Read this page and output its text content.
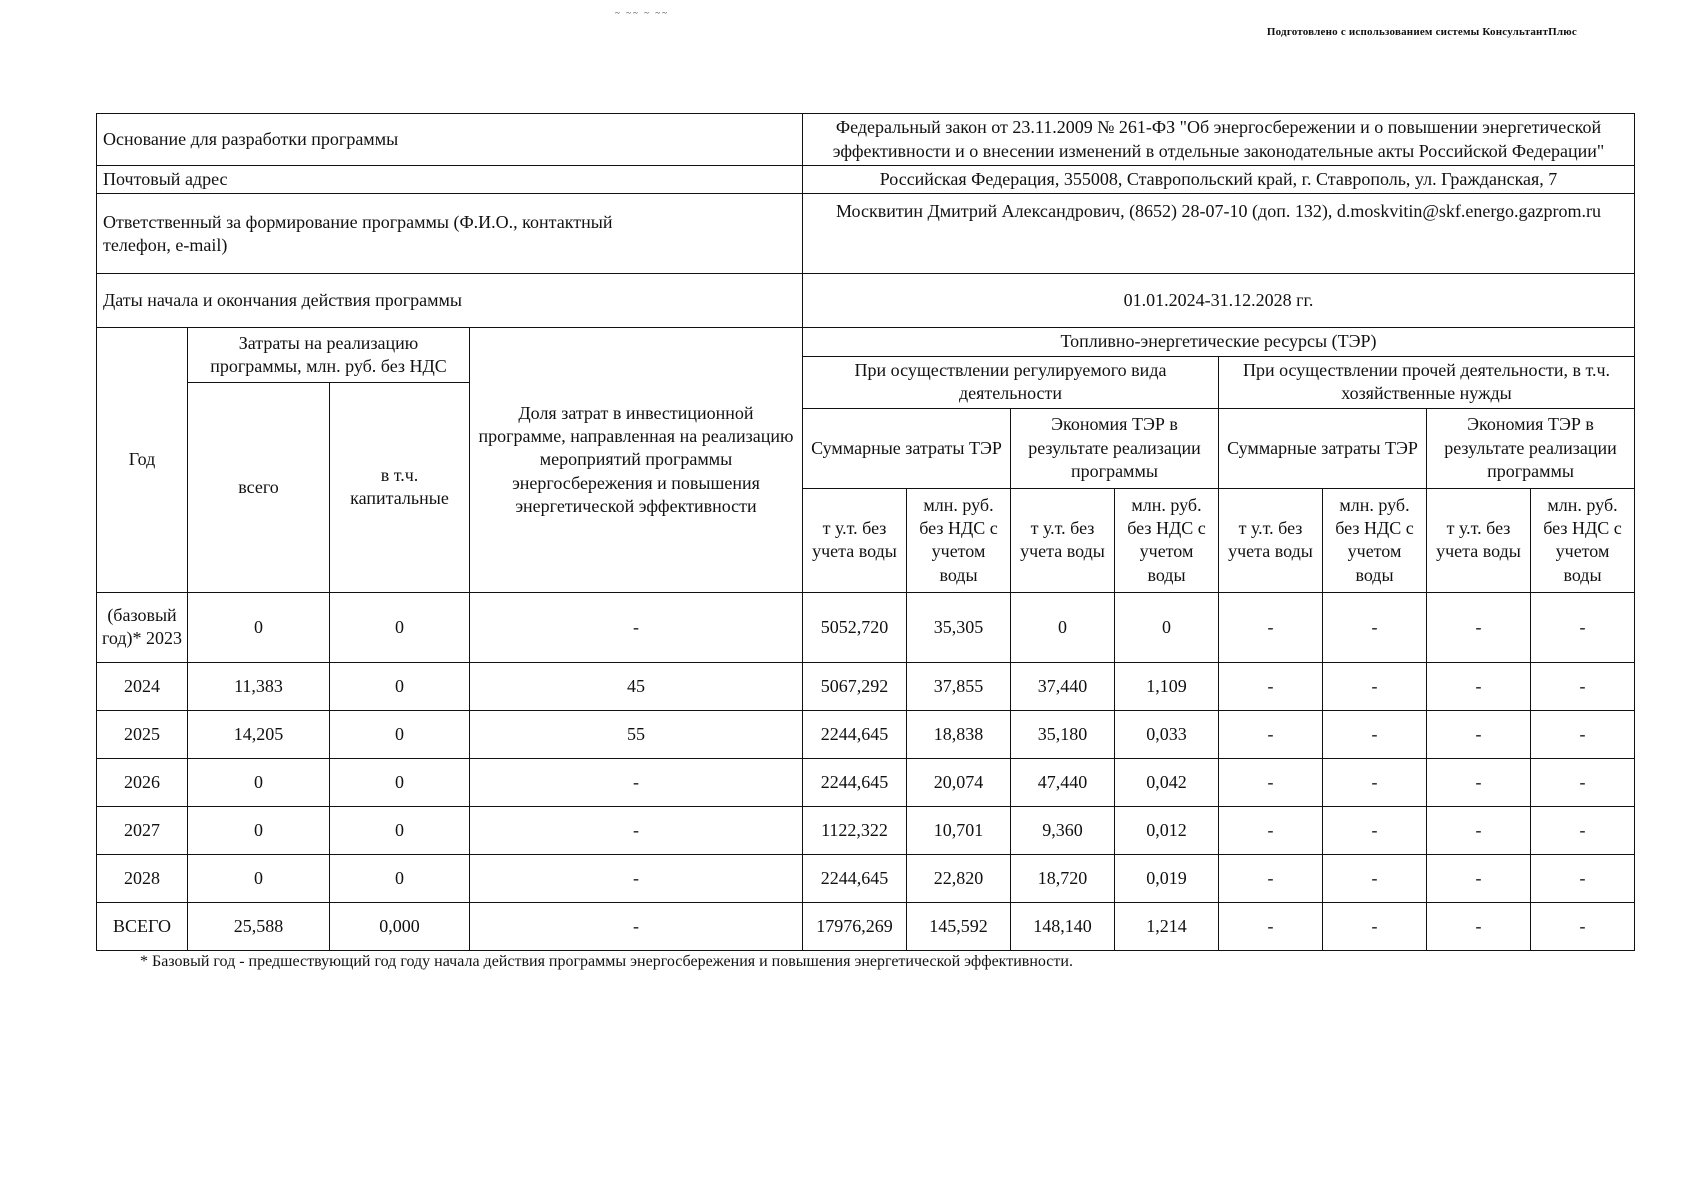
~ ~~ ~ ~~
Подготовлено с использованием системы КонсультантПлюс
Основание для разработки программы				Федеральный закон от 23.11.2009 № 261-ФЗ "Об энергосбережении и о повышении энергетической эффективности и о внесении изменений в отдельные законодательные акты Российской Федерации"							
Почтовый адрес				Российская Федерация, 355008, Ставропольский край, г. Ставрополь, ул. Гражданская, 7							
Ответственный за формирование программы (Ф.И.О., контактный телефон, e-mail)				Москвитин Дмитрий Александрович, (8652) 28-07-10 (доп. 132), d.moskvitin@skf.energo.gazprom.ru							
Даты начала и окончания действия программы				01.01.2024-31.12.2028 гг.							
Год	Затраты на реализацию программы, млн. руб. без НДС		Доля затрат в инвестиционной программе, направленная на реализацию мероприятий программы энергосбережения и повышения энергетической эффективности	Топливно-энергетические ресурсы (ТЭР)							
				При осуществлении регулируемого вида деятельности				При осуществлении прочей деятельности, в т.ч. хозяйственные нужды			
	всего	в т.ч. капитальные									
				Суммарные затраты ТЭР		Экономия ТЭР в результате реализации программы		Суммарные затраты ТЭР		Экономия ТЭР в результате реализации программы	
				т у.т. без учета воды	млн. руб. без НДС с учетом воды	т у.т. без учета воды	млн. руб. без НДС с учетом воды	т у.т. без учета воды	млн. руб. без НДС с учетом воды	т у.т. без учета воды	млн. руб. без НДС с учетом воды
(базовый год)* 2023	0	0	-	5052,720	35,305	0	0	-	-	-	-
2024	11,383	0	45	5067,292	37,855	37,440	1,109	-	-	-	-
2025	14,205	0	55	2244,645	18,838	35,180	0,033	-	-	-	-
2026	0	0	-	2244,645	20,074	47,440	0,042	-	-	-	-
2027	0	0	-	1122,322	10,701	9,360	0,012	-	-	-	-
2028	0	0	-	2244,645	22,820	18,720	0,019	-	-	-	-
ВСЕГО	25,588	0,000	-	17976,269	145,592	148,140	1,214	-	-	-	-
* Базовый год - предшествующий год году начала действия программы энергосбережения и повышения энергетической эффективности.
